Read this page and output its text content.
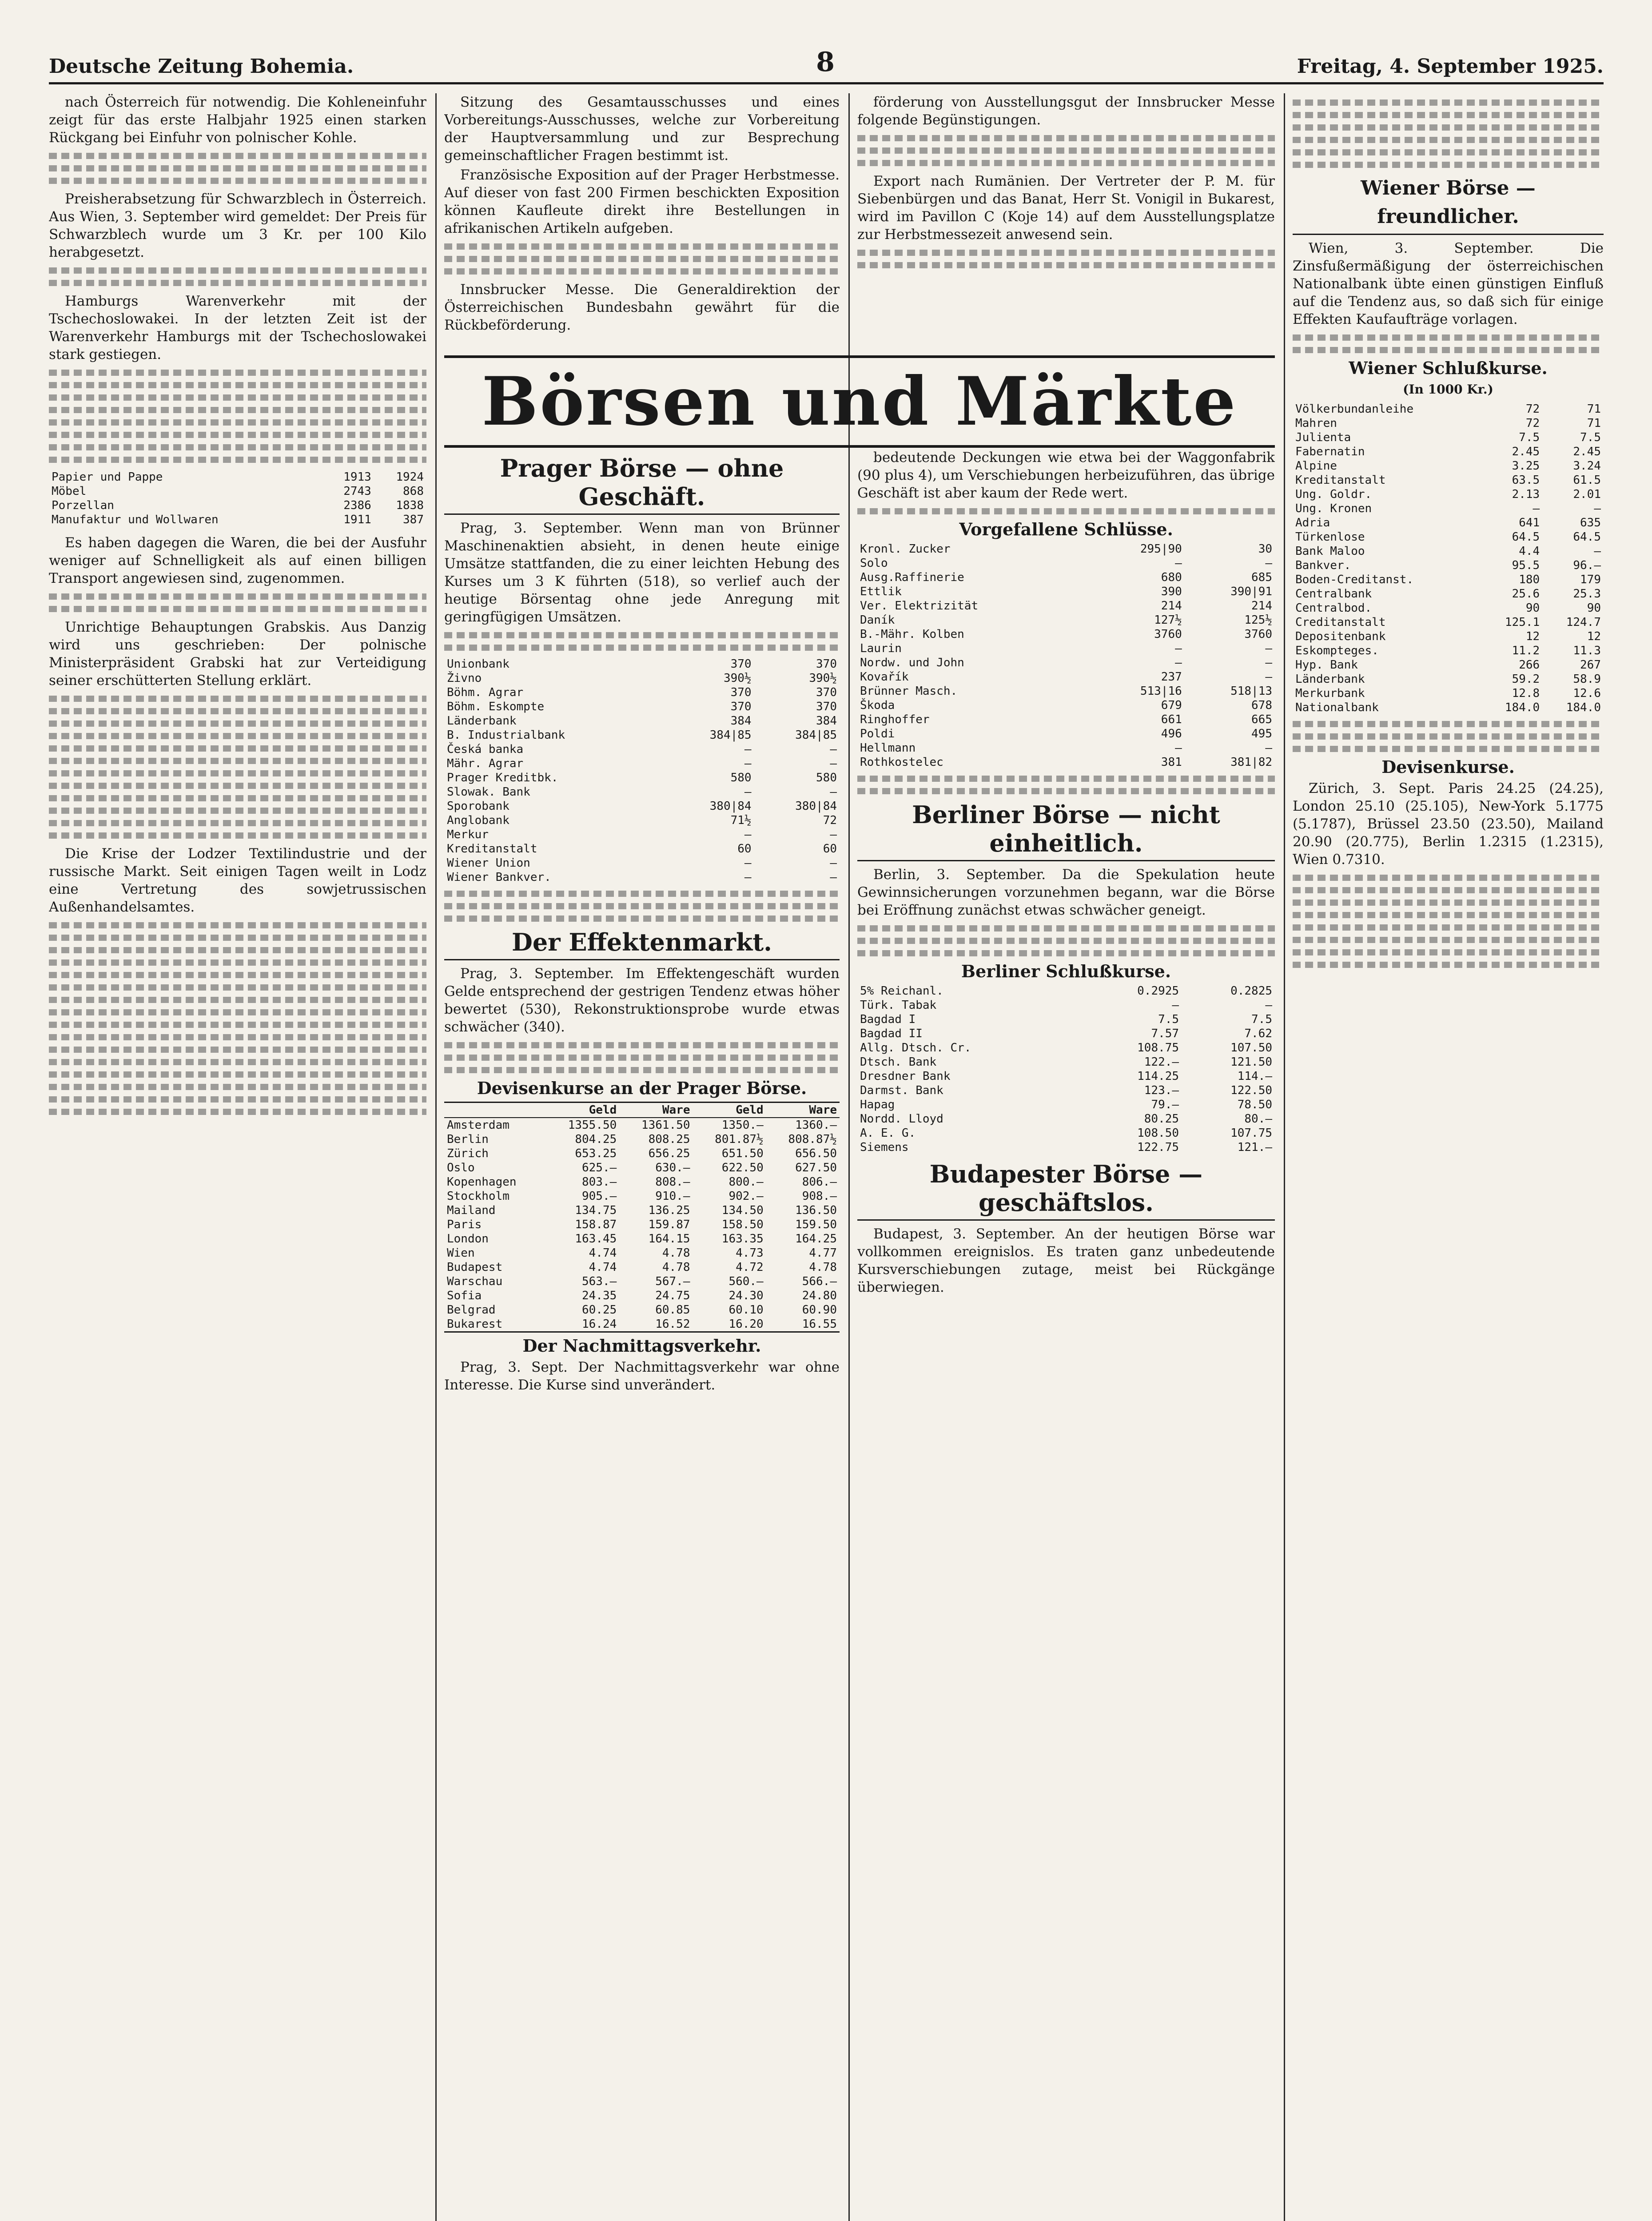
Deutsche Zeitung Bohemia.	8	Freitag, 4. September 1925.

nach Österreich für notwendig. Die Kohleneinfuhr zeigt für das erste Halbjahr 1925 einen starken Rückgang bei Einfuhr von polnischer Kohle.

Preisherabsetzung für Schwarzblech in Österreich. Aus Wien, 3. September wird gemeldet: Der Preis für Schwarzblech wurde um 3 Kr. per 100 Kilo herabgesetzt.

Hamburgs Warenverkehr mit der Tschechoslowakei. In der letzten Zeit ist der Warenverkehr Hamburgs mit der Tschechoslowakei stark gestiegen.

Papier und Pappe	1913	1924
Möbel	2743	868
Porzellan	2386	1838
Manufaktur und Wollwaren	1911	387

Es haben dagegen die Waren, die bei der Ausfuhr weniger auf Schnelligkeit als auf einen billigen Transport angewiesen sind, zugenommen.

Unrichtige Behauptungen Grabskis. Aus Danzig wird uns geschrieben: Der polnische Ministerpräsident Grabski hat zur Verteidigung seiner erschütterten Stellung erklärt.

Die Krise der Lodzer Textilindustrie und der russische Markt. Seit einigen Tagen weilt in Lodz eine Vertretung des sowjetrussischen Außenhandelsamtes.

Sitzung des Gesamtausschusses und eines Vorbereitungs-Ausschusses, welche zur Vorbereitung der Hauptversammlung und zur Besprechung gemeinschaftlicher Fragen bestimmt ist.

Französische Exposition auf der Prager Herbstmesse. Auf dieser von fast 200 Firmen beschickten Exposition können Kaufleute direkt ihre Bestellungen in afrikanischen Artikeln aufgeben.

Innsbrucker Messe. Die Generaldirektion der Österreichischen Bundesbahn gewährt für die Rückbeförderung.

förderung von Ausstellungsgut der Innsbrucker Messe folgende Begünstigungen.

Export nach Rumänien. Der Vertreter der P. M. für Siebenbürgen und das Banat, Herr St. Vonigil in Bukarest, wird im Pavillon C (Koje 14) auf dem Ausstellungsplatze zur Herbstmessezeit anwesend sein.

Börsen und Märkte
Prager Börse — ohne Geschäft.

Prag, 3. September. Wenn man von Brünner Maschinenaktien absieht, in denen heute einige Umsätze stattfanden, die zu einer leichten Hebung des Kurses um 3 K führten (518), so verlief auch der heutige Börsentag ohne jede Anregung mit geringfügigen Umsätzen.

Unionbank	370	370
Živno	390½	390½
Böhm. Agrar	370	370
Böhm. Eskompte	370	370
Länderbank	384	384
B. Industrialbank	384|85	384|85
Česká banka	—	—
Mähr. Agrar	—	—
Prager Kreditbk.	580	580
Slowak. Bank	—	—
Sporobank	380|84	380|84
Anglobank	71½	72
Merkur	—	—
Kreditanstalt	60	60
Wiener Union	—	—
Wiener Bankver.	—	—
Der Effektenmarkt.

Prag, 3. September. Im Effektengeschäft wurden Gelde entsprechend der gestrigen Tendenz etwas höher bewertet (530), Rekonstruktionsprobe wurde etwas schwächer (340).

Devisenkurse an der Prager Börse.
	Geld	Ware	Geld	Ware
Amsterdam	1355.50	1361.50	1350.—	1360.—
Berlin	804.25	808.25	801.87½	808.87½
Zürich	653.25	656.25	651.50	656.50
Oslo	625.—	630.—	622.50	627.50
Kopenhagen	803.—	808.—	800.—	806.—
Stockholm	905.—	910.—	902.—	908.—
Mailand	134.75	136.25	134.50	136.50
Paris	158.87	159.87	158.50	159.50
London	163.45	164.15	163.35	164.25
Wien	4.74	4.78	4.73	4.77
Budapest	4.74	4.78	4.72	4.78
Warschau	563.—	567.—	560.—	566.—
Sofia	24.35	24.75	24.30	24.80
Belgrad	60.25	60.85	60.10	60.90
Bukarest	16.24	16.52	16.20	16.55
Der Nachmittagsverkehr.

Prag, 3. Sept. Der Nachmittagsverkehr war ohne Interesse. Die Kurse sind unverändert.

bedeutende Deckungen wie etwa bei der Waggonfabrik (90 plus 4), um Verschiebungen herbeizuführen, das übrige Geschäft ist aber kaum der Rede wert.

Vorgefallene Schlüsse.
Kronl. Zucker	295|90	30
Solo	—	—
Ausg.Raffinerie	680	685
Ettlik	390	390|91
Ver. Elektrizität	214	214
Daník	127½	125½
B.-Mähr. Kolben	3760	3760
Laurin	—	—
Nordw. und John	—	—
Kovařík	237	—
Brünner Masch.	513|16	518|13
Škoda	679	678
Ringhoffer	661	665
Poldi	496	495
Hellmann	—	—
Rothkostelec	381	381|82
Berliner Börse — nicht einheitlich.

Berlin, 3. September. Da die Spekulation heute Gewinnsicherungen vorzunehmen begann, war die Börse bei Eröffnung zunächst etwas schwächer geneigt.

Berliner Schlußkurse.
5% Reichanl.	0.2925	0.2825
Türk. Tabak	—	—
Bagdad I	7.5	7.5
Bagdad II	7.57	7.62
Allg. Dtsch. Cr.	108.75	107.50
Dtsch. Bank	122.—	121.50
Dresdner Bank	114.25	114.—
Darmst. Bank	123.—	122.50
Hapag	79.—	78.50
Nordd. Lloyd	80.25	80.—
A. E. G.	108.50	107.75
Siemens	122.75	121.—
Budapester Börse — geschäftslos.

Budapest, 3. September. An der heutigen Börse war vollkommen ereignislos. Es traten ganz unbedeutende Kursverschiebungen zutage, meist bei Rückgänge überwiegen.

Wiener Börse — freundlicher.

Wien, 3. September. Die Zinsfußermäßigung der österreichischen Nationalbank übte einen günstigen Einfluß auf die Tendenz aus, so daß sich für einige Effekten Kaufaufträge vorlagen.

Wiener Schlußkurse.
(In 1000 Kr.)
Völkerbundanleihe	72	71
Mahren	72	71
Julienta	7.5	7.5
Fabernatin	2.45	2.45
Alpine	3.25	3.24
Kreditanstalt	63.5	61.5
Ung. Goldr.	2.13	2.01
Ung. Kronen	—	—
Adria	641	635
Türkenlose	64.5	64.5
Bank Maloo	4.4	—
Bankver.	95.5	96.—
Boden-Creditanst.	180	179
Centralbank	25.6	25.3
Centralbod.	90	90
Creditanstalt	125.1	124.7
Depositenbank	12	12
Eskompteges.	11.2	11.3
Hyp. Bank	266	267
Länderbank	59.2	58.9
Merkurbank	12.8	12.6
Nationalbank	184.0	184.0
Devisenkurse.

Zürich, 3. Sept. Paris 24.25 (24.25), London 25.10 (25.105), New-York 5.1775 (5.1787), Brüssel 23.50 (23.50), Mailand 20.90 (20.775), Berlin 1.2315 (1.2315), Wien 0.7310.
